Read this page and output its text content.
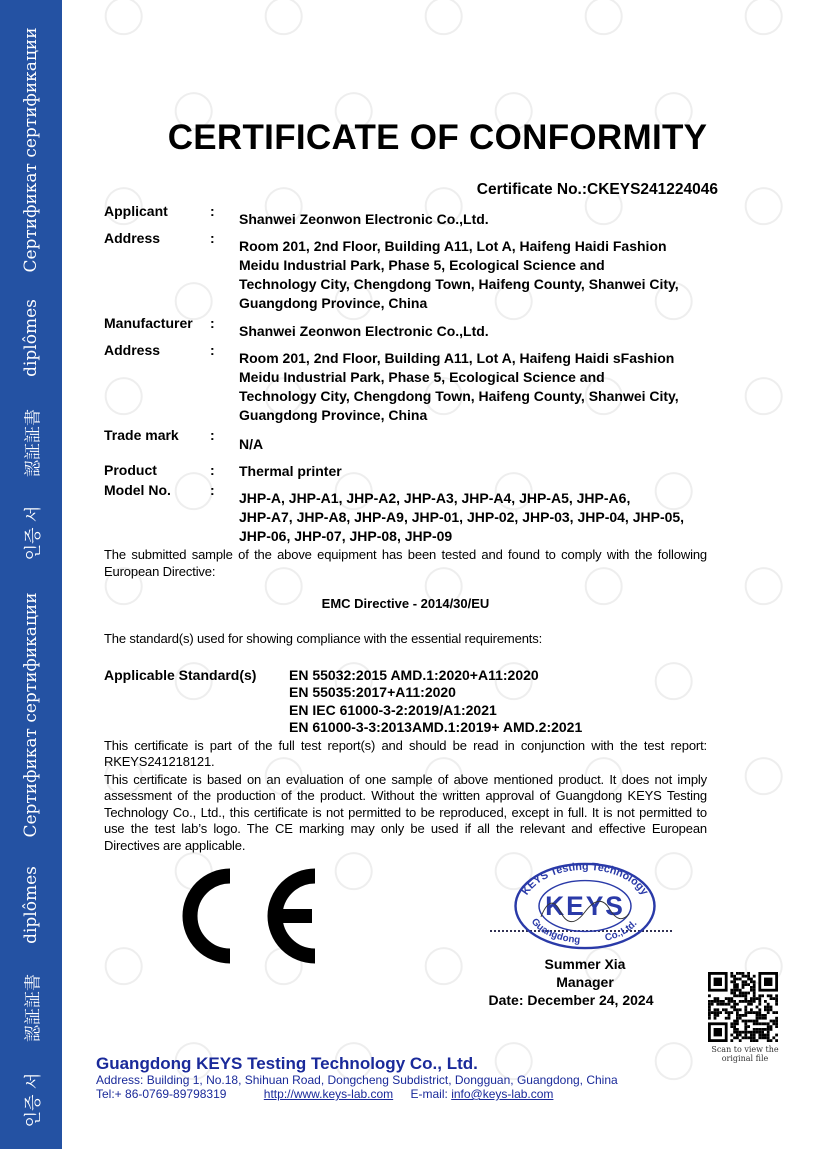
Сертификат сертификации
diplômes
認証証書
인증 서
Сертификат сертификации
diplômes
認証証書
인증 서
CERTIFICATE OF CONFORMITY
Certificate No.:CKEYS241224046
Applicant	: Shanwei Zeonwon Electronic Co.,Ltd.
Address	: Room 201, 2nd Floor, Building A11, Lot A, Haifeng Haidi Fashion
Meidu Industrial Park, Phase 5, Ecological Science and
Technology City, Chengdong Town, Haifeng County, Shanwei City,
Guangdong Province, China
Manufacturer : Shanwei Zeonwon Electronic Co.,Ltd.
Address	: Room 201, 2nd Floor, Building A11, Lot A, Haifeng Haidi sFashion
Meidu Industrial Park, Phase 5, Ecological Science and
Technology City, Chengdong Town, Haifeng County, Shanwei City,
Guangdong Province, China
Trade mark :
N/A
Product	: Thermal printer
Model No.	: JHP-A, JHP-A1, JHP-A2, JHP-A3, JHP-A4, JHP-A5, JHP-A6,
JHP-A7, JHP-A8, JHP-A9, JHP-01, JHP-02, JHP-03, JHP-04, JHP-05,
JHP-06, JHP-07, JHP-08, JHP-09
The submitted sample of the above equipment has been tested and found to comply with the following European Directive:
EMC Directive - 2014/30/EU
The standard(s) used for showing compliance with the essential requirements:
Applicable Standard(s)	EN 55032:2015 AMD.1:2020+A11:2020
EN 55035:2017+A11:2020
EN IEC 61000-3-2:2019/A1:2021
EN 61000-3-3:2013AMD.1:2019+ AMD.2:2021
This certificate is part of the full test report(s) and should be read in conjunction with the test report: RKEYS241218121.
This certificate is based on an evaluation of one sample of above mentioned product. It does not imply assessment of the production of the product. Without the written approval of Guangdong KEYS Testing Technology Co., Ltd., this certificate is not permitted to be reproduced, except in full. It is not permitted to use the test lab’s logo. The CE marking may only be used if all the relevant and effective European Directives are applicable.
KEYS Testing Technology
Guangdong Co.,Ltd.
KEYS
Summer Xia
Manager
Date: December 24, 2024
Scan to view the original file
Guangdong KEYS Testing Technology Co., Ltd.
Address: Building 1, No.18, Shihuan Road, Dongcheng Subdistrict, Dongguan, Guangdong, China
Tel:+ 86-0769-89798319	http://www.keys-lab.com E-mail: info@keys-lab.com
